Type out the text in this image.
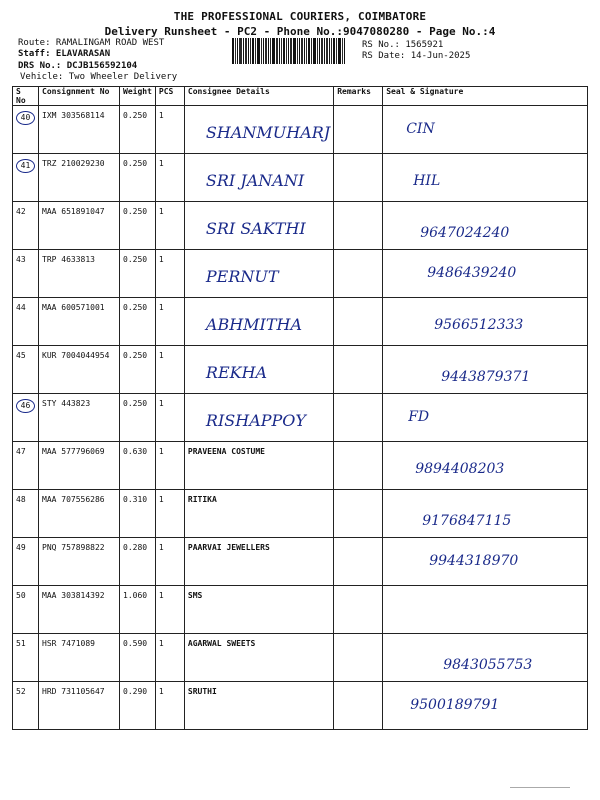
THE PROFESSIONAL COURIERS, COIMBATORE
Delivery Runsheet - PC2 - Phone No.:9047080280 - Page No.:4
Route: RAMALINGAM ROAD WEST
Staff: ELAVARASAN
DRS No.: DCJB156592104
Vehicle: Two Wheeler Delivery
RS No.: 1565921
RS Date: 14-Jun-2025
S No	Consignment No	Weight	PCS	Consignee Details	Remarks	Seal & Signature
40	IXM 303568114	0.250	1	SHANMUHARJ		CIN

41	TRZ 210029230	0.250	1	SRI JANANI		HIL

42	MAA 651891047	0.250	1	SRI SAKTHI		9647024240

43	TRP 4633813	0.250	1	PERNUT		9486439240

44	MAA 600571001	0.250	1	ABHMITHA		9566512333

45	KUR 7004044954	0.250	1	REKHA		9443879371

46	STY 443823	0.250	1	RISHAPPOY		FD

47	MAA 577796069	0.630	1	PRAVEENA COSTUME		9894408203

48	MAA 707556286	0.310	1	RITIKA		9176847115

49	PNQ 757898822	0.280	1	PAARVAI JEWELLERS		9944318970

50	MAA 303814392	1.060	1	SMS		
51	HSR 7471089	0.590	1	AGARWAL SWEETS		9843055753

52	HRD 731105647	0.290	1	SRUTHI		9500189791
